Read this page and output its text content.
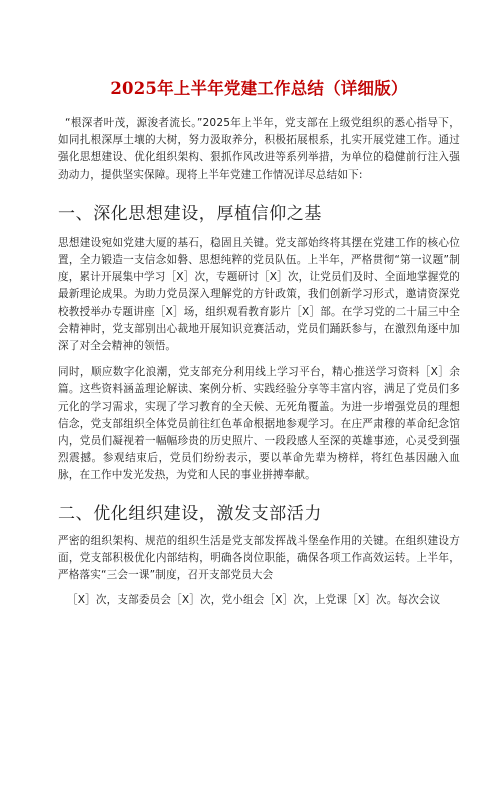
2025年上半年党建工作总结（详细版）

“根深者叶茂，源浚者流长。”2025年上半年，党支部在上级党组织的悉心指导下，如同扎根深厚土壤的大树，努力汲取养分，积极拓展根系，扎实开展党建工作。通过强化思想建设、优化组织架构、狠抓作风改进等系列举措，为单位的稳健前行注入强劲动力，提供坚实保障。现将上半年党建工作情况详尽总结如下:

一、深化思想建设，厚植信仰之基

思想建设宛如党建大厦的基石，稳固且关键。党支部始终将其摆在党建工作的核心位置，全力锻造一支信念如磐、思想纯粹的党员队伍。上半年，严格贯彻“第一议题”制度，累计开展集中学习［X］次，专题研讨［X］次，让党员们及时、全面地掌握党的最新理论成果。为助力党员深入理解党的方针政策，我们创新学习形式，邀请资深党校教授举办专题讲座［X］场，组织观看教育影片［X］部。在学习党的二十届三中全会精神时，党支部别出心裁地开展知识竞赛活动，党员们踊跃参与，在激烈角逐中加深了对全会精神的领悟。

同时，顺应数字化浪潮，党支部充分利用线上学习平台，精心推送学习资料［X］余篇。这些资料涵盖理论解读、案例分析、实践经验分享等丰富内容，满足了党员们多元化的学习需求，实现了学习教育的全天候、无死角覆盖。为进一步增强党员的理想信念，党支部组织全体党员前往红色革命根据地参观学习。在庄严肃穆的革命纪念馆内，党员们凝视着一幅幅珍贵的历史照片、一段段感人至深的英雄事迹，心灵受到强烈震撼。参观结束后，党员们纷纷表示，要以革命先辈为榜样，将红色基因融入血脉，在工作中发光发热，为党和人民的事业拼搏奉献。

二、优化组织建设，激发支部活力

严密的组织架构、规范的组织生活是党支部发挥战斗堡垒作用的关键。在组织建设方面，党支部积极优化内部结构，明确各岗位职能，确保各项工作高效运转。上半年，严格落实“三会一课”制度，召开支部党员大会

［X］次，支部委员会［X］次，党小组会［X］次，上党课［X］次。每次会议
